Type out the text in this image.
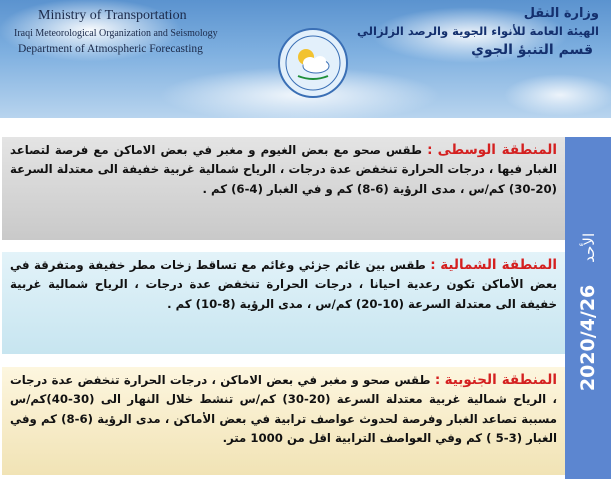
Ministry of Transportation
Iraqi Meteorological Organization and Seismology
Department of Atmospheric Forecasting
وزارة النقل
الهيئة العامة للأنواء الجوية والرصد الزلزالي
قسم التنبؤ الجوي
المنطقة الوسطى : طقس صحو مع بعض الغيوم و مغبر في بعض الاماكن مع فرصة لتصاعد الغبار فيها ، درجات الحرارة تنخفض عدة درجات ، الرياح شمالية غربية خفيفة الى معتدلة السرعة (20-30) كم/س ، مدى الرؤية (6-8) كم و في الغبار (4-6) كم .
المنطقة الشمالية : طقس بين غائم جزئي وغائم مع تساقط زخات مطر خفيفة ومتفرقة في بعض الأماكن تكون رعدية احيانا ، درجات الحرارة تنخفض عدة درجات ، الرياح شمالية غربية خفيفة الى معتدلة السرعة (10-20) كم/س ، مدى الرؤية (8-10) كم .
المنطقة الجنوبية : طقس صحو و مغبر في بعض الاماكن ، درجات الحرارة تنخفض عدة درجات ، الرياح شمالية غربية معتدلة السرعة (20-30) كم/س تنشط خلال النهار الى (30-40)كم/س مسببة تصاعد الغبار وفرصة لحدوث عواصف ترابية في بعض الأماكن ، مدى الرؤية (6-8) كم وفي الغبار (3-5 ) كم وفي العواصف الترابية اقل من 1000 متر.
2020/4/26الأحد
